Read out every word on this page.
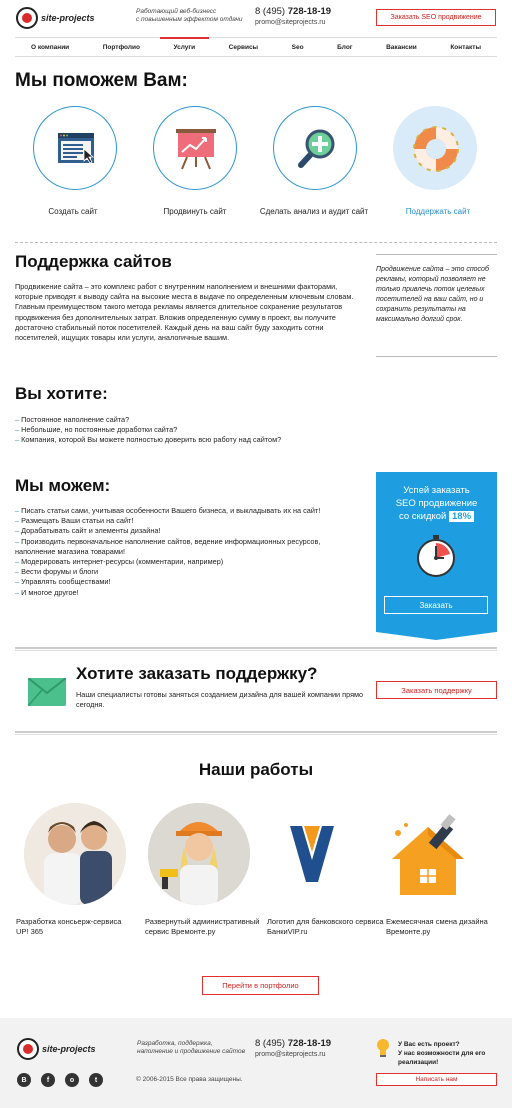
site-projects
Работающий веб-бизнесс
с повышенным эффектом отдачи
8 (495) 728-18-19
promo@siteprojects.ru
Заказать SEO продвижение
О компании	Портфолио	Услуги	Сервисы	Seo	Блог	Вакансии	Контакты
Мы поможем Вам:
Создать сайт	Продвинуть сайт	Сделать анализ и аудит сайт	Поддержать сайт
Поддержка сайтов
Продвижение сайта – это комплекс работ с внутренним наполнением и внешними факторами, которые приводят к выводу сайта на высокие места в выдаче по определенным ключевым словам. Главным преимуществом такого метода рекламы является длительное сохранение результатов продвижения без дополнительных затрат. Вложив определенную сумму в проект, вы получите достаточно стабильный поток посетителей. Каждый день на ваш сайт буду заходить сотни посетителей, ищущих товары или услуги, аналогичные вашим.
Продвижение сайта – это способ рекламы, который позволяет не только привлечь поток целевых посетителей на ваш сайт, но и сохранить результаты на максимально долгий срок.
Вы хотите:
– Постоянное наполнение сайта?
– Небольшие, но постоянные доработки сайта?
– Компания, которой Вы можете полностью доверить всю работу над сайтом?
Мы можем:
– Писать статьи сами, учитывая особенности Вашего бизнеса, и выкладывать их на сайт!
– Размещать Ваши статьи на сайт!
– Дорабатывать сайт и элементы дизайна!
– Производить первоначальное наполнение сайтов, ведение информационных ресурсов, наполнение магазина товарами!
– Модерировать интернет-ресурсы (комментарии, например)
– Вести форумы и блоги
– Управлять сообществами!
– И многое другое!
Успей заказать
SEO продвижение
со скидкой 18%
Заказать
Хотите заказать поддержку?
Наши специалисты готовы заняться созданием дизайна для вашей компании прямо сегодня.
Заказать поддержку
Наши работы
Разработка консьерж-сервиса UP! 365
Развернутый административный сервис Времонте.ру
Логотип для банковского сервиса БанкиVIP.ru
Ежемесячная смена дизайна Времонте.ру
Перейти в портфолио
site-projects
Разработка, поддержка,
наполнение и продвижение сайтов
8 (495) 728-18-19
promo@siteprojects.ru
В	f	о	t	© 2006-2015 Все права защищены.
У Вас есть проект?
У нас возможности для его реализации!
Написать нам
